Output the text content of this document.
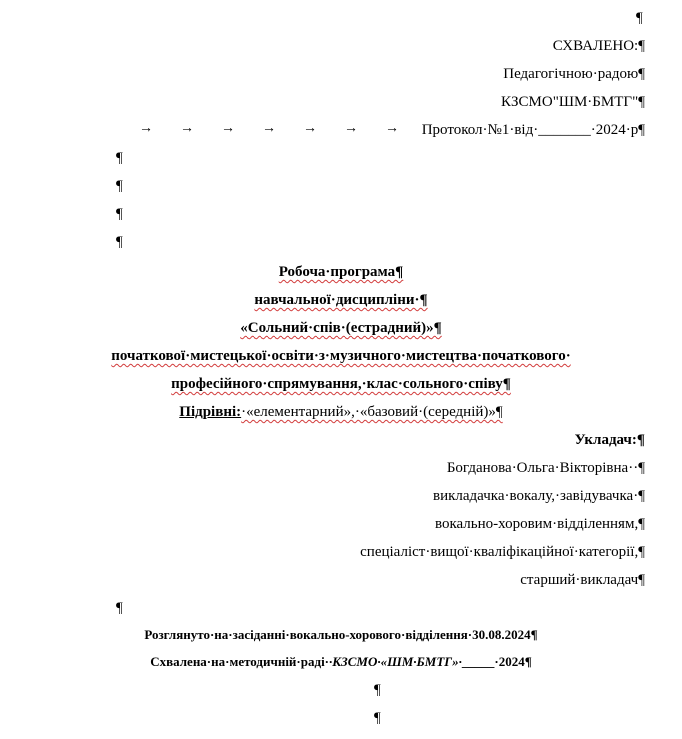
¶
СХВАЛЕНО:¶
Педагогічною·радою¶
КЗСМО"ШМ·БМТГ"¶
→ → → → → → →	Протокол·№1·від·_______·2024·р¶
¶
¶
¶
¶
Робоча·програма¶
навчальної·дисципліни·¶
«Сольний·спів·(естрадний)»¶
початкової·мистецької·освіти·з·музичного·мистецтва·початкового·
професійного·спрямування,·клас·сольного·співу¶
Підрівні:·«елементарний»,·«базовий·(середній)»¶
Укладач:¶
Богданова·Ольга·Вікторівна··¶
викладачка·вокалу,·завідувачка·¶
вокально-хоровим·відділенням,¶
спеціаліст·вищої·кваліфікаційної·категорії,¶
старший·викладач¶
¶
Розглянуто·на·засіданні·вокально-хорового·відділення·30.08.2024¶
Схвалена·на·методичній·раді··КЗСМО·«ШМ·БМТГ»·_____·2024¶
¶
¶
